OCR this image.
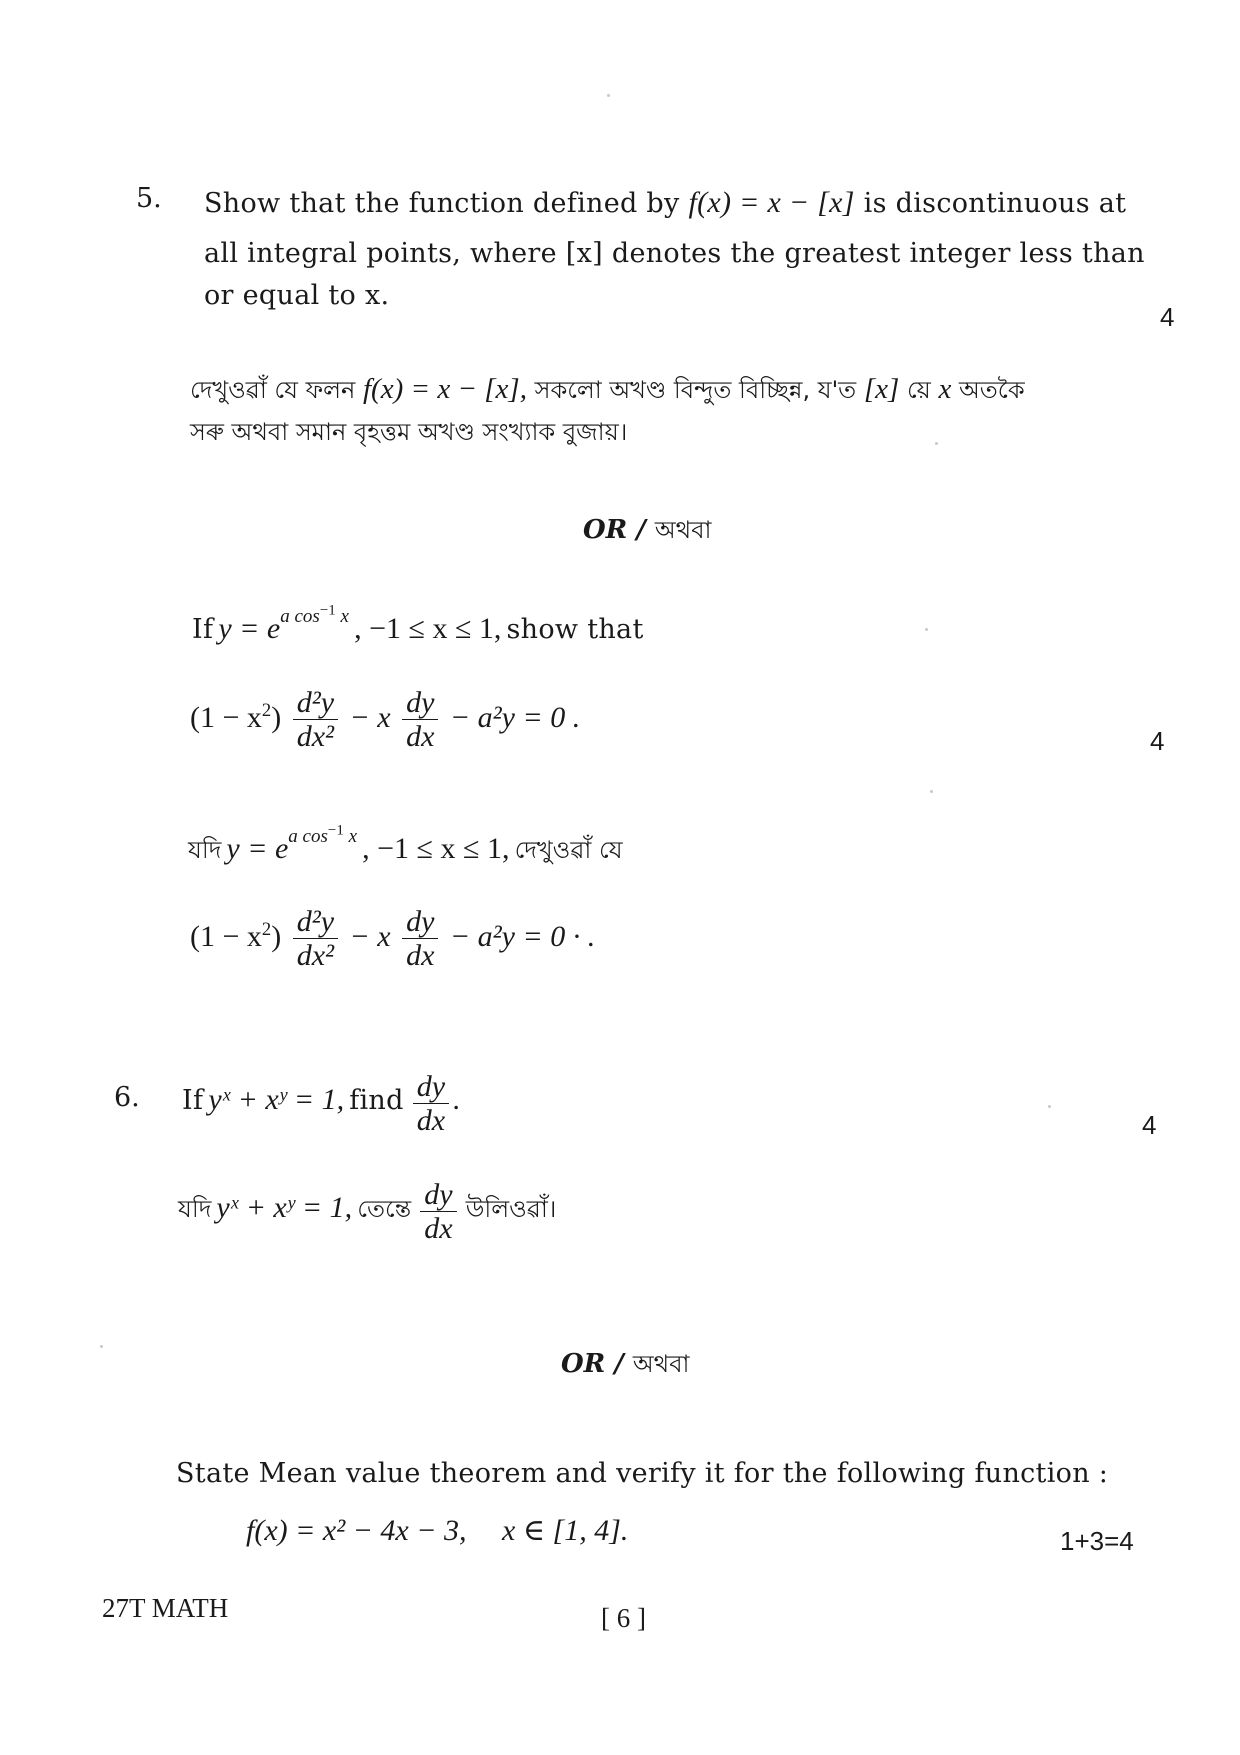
5. Show that the function defined by f(x) = x − [x] is discontinuous at
all integral points, where [x] denotes the greatest integer less than
or equal to x.
4
দেখুওৱাঁ যে ফলন f(x) = x − [x], সকলো অখণ্ড বিন্দুত বিচ্ছিন্ন, য'ত [x] য়ে x অতকৈ
সৰু অথবা সমান বৃহত্তম অখণ্ড সংখ্যাক বুজায়।
OR / অথবা
If $y = e^{a cos^{-1} x}$ , −1 ≤ x ≤ 1, show that
$(1 - x^2) \frac{\text{d²y}}{\text{dx²}} - x \frac{dy}{dx} - a^2y = 0$ .
4
যদি $y = e^{a cos^{-1} x}$ , −1 ≤ x ≤ 1, দেখুওৱাঁ যে
$(1 - x^2) \frac{\text{d²y}}{\text{dx²}} - x \frac{dy}{dx} - a^2y = 0$ · .
6. If yˣ + xʸ = 1, find $\frac{dy}{dx}$ .
4
যদি yˣ + xʸ = 1, তেন্তে $\frac{dy}{dx}$ উলিওৱাঁ।
OR / অথবা
State Mean value theorem and verify it for the following function :
f(x) = x² − 4x − 3, x ∈ [1, 4].	1+3=4
27T MATH	[ 6 ]
